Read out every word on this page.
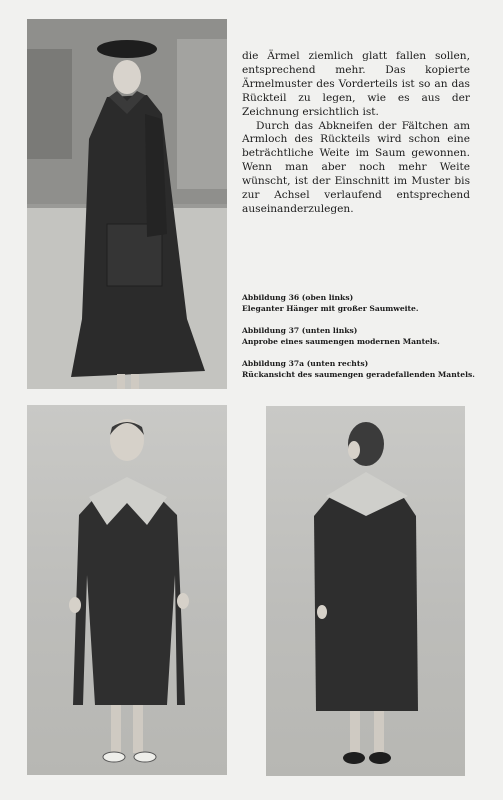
die Ärmel ziemlich glatt fallen sollen, entsprechend mehr. Das kopierte Ärmelmuster des Vorderteils ist so an das Rückteil zu legen, wie es aus der Zeichnung ersichtlich ist.

Durch das Abkneifen der Fältchen am Armloch des Rückteils wird schon eine beträchtliche Weite im Saum gewonnen. Wenn man aber noch mehr Weite wünscht, ist der Einschnitt im Muster bis zur Achsel verlaufend entsprechend auseinanderzulegen.

Abbildung 36 (oben links)
Eleganter Hänger mit großer Saumweite.
Abbildung 37 (unten links)
Anprobe eines saumengen modernen Mantels.
Abbildung 37a (unten rechts)
Rückansicht des saumengen geradefallenden Mantels.
